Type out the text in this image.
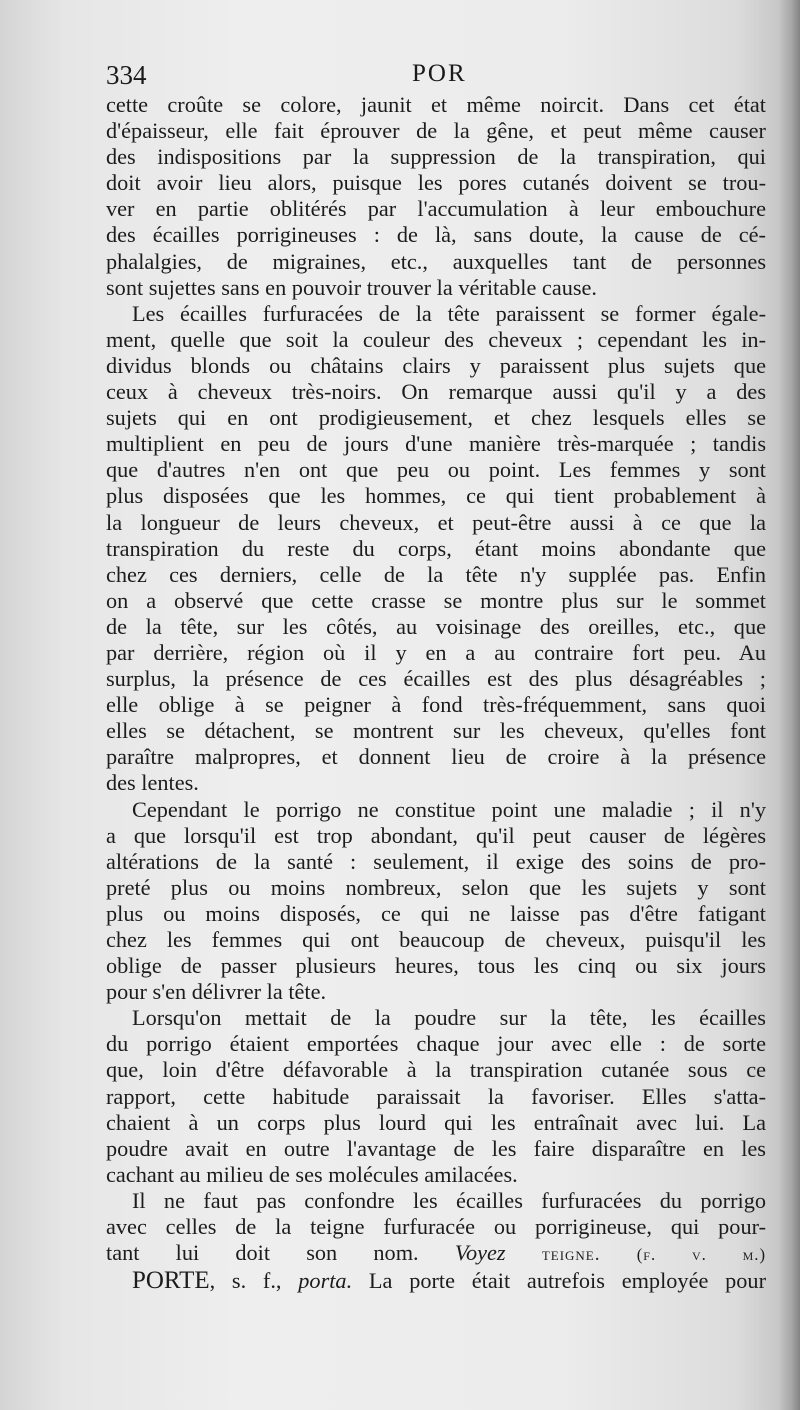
334	POR

cette croûte se colore, jaunit et même noircit. Dans cet état
d'épaisseur, elle fait éprouver de la gêne, et peut même causer
des indispositions par la suppression de la transpiration, qui
doit avoir lieu alors, puisque les pores cutanés doivent se trou-
ver en partie oblitérés par l'accumulation à leur embouchure
des écailles porrigineuses : de là, sans doute, la cause de cé-
phalalgies, de migraines, etc., auxquelles tant de personnes
sont sujettes sans en pouvoir trouver la véritable cause.

Les écailles furfuracées de la tête paraissent se former égale-
ment, quelle que soit la couleur des cheveux ; cependant les in-
dividus blonds ou châtains clairs y paraissent plus sujets que
ceux à cheveux très-noirs. On remarque aussi qu'il y a des
sujets qui en ont prodigieusement, et chez lesquels elles se
multiplient en peu de jours d'une manière très-marquée ; tandis
que d'autres n'en ont que peu ou point. Les femmes y sont
plus disposées que les hommes, ce qui tient probablement à
la longueur de leurs cheveux, et peut-être aussi à ce que la
transpiration du reste du corps, étant moins abondante que
chez ces derniers, celle de la tête n'y supplée pas. Enfin
on a observé que cette crasse se montre plus sur le sommet
de la tête, sur les côtés, au voisinage des oreilles, etc., que
par derrière, région où il y en a au contraire fort peu. Au
surplus, la présence de ces écailles est des plus désagréables ;
elle oblige à se peigner à fond très-fréquemment, sans quoi
elles se détachent, se montrent sur les cheveux, qu'elles font
paraître malpropres, et donnent lieu de croire à la présence
des lentes.

Cependant le porrigo ne constitue point une maladie ; il n'y
a que lorsqu'il est trop abondant, qu'il peut causer de légères
altérations de la santé : seulement, il exige des soins de pro-
preté plus ou moins nombreux, selon que les sujets y sont
plus ou moins disposés, ce qui ne laisse pas d'être fatigant
chez les femmes qui ont beaucoup de cheveux, puisqu'il les
oblige de passer plusieurs heures, tous les cinq ou six jours
pour s'en délivrer la tête.

Lorsqu'on mettait de la poudre sur la tête, les écailles
du porrigo étaient emportées chaque jour avec elle : de sorte
que, loin d'être défavorable à la transpiration cutanée sous ce
rapport, cette habitude paraissait la favoriser. Elles s'atta-
chaient à un corps plus lourd qui les entraînait avec lui. La
poudre avait en outre l'avantage de les faire disparaître en les
cachant au milieu de ses molécules amilacées.

Il ne faut pas confondre les écailles furfuracées du porrigo
avec celles de la teigne furfuracée ou porrigineuse, qui pour-
tant lui doit son nom. Voyez teigne. (f. v. m.)

PORTE, s. f., porta. La porte était autrefois employée pour
